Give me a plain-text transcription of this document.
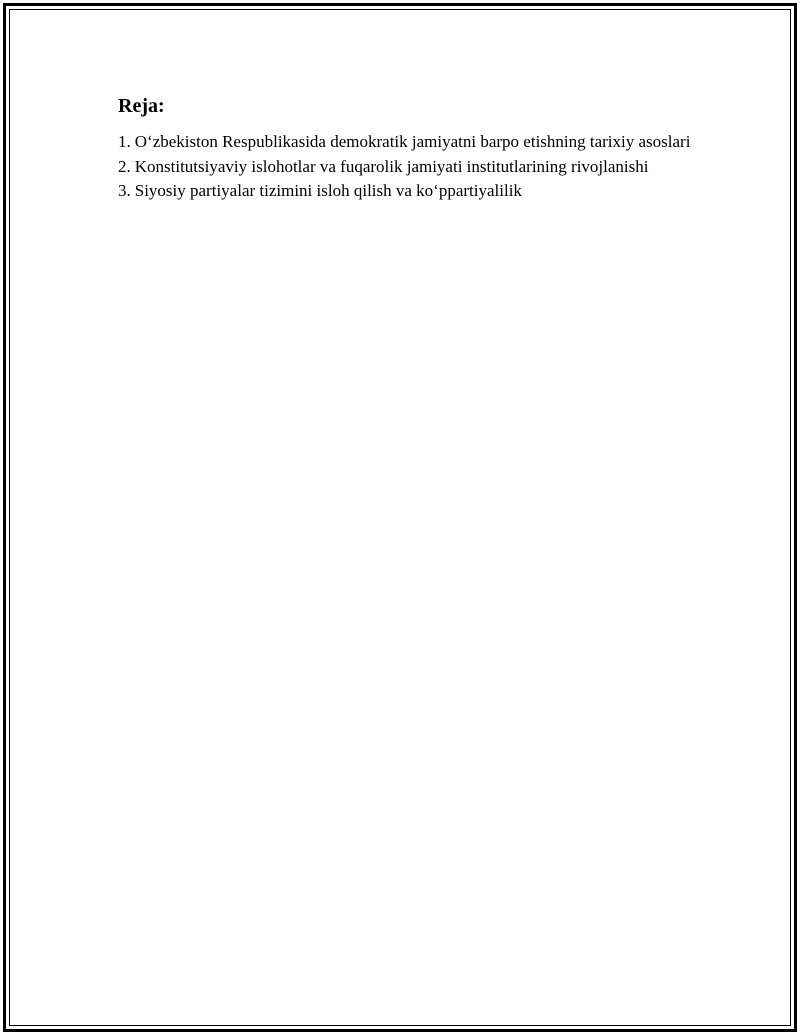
Reja:
1. O‘zbekiston Respublikasida demokratik jamiyatni barpo etishning tarixiy asoslari
2. Konstitutsiyaviy islohotlar va fuqarolik jamiyati institutlarining rivojlanishi
3. Siyosiy partiyalar tizimini isloh qilish va ko‘ppartiyalilik
